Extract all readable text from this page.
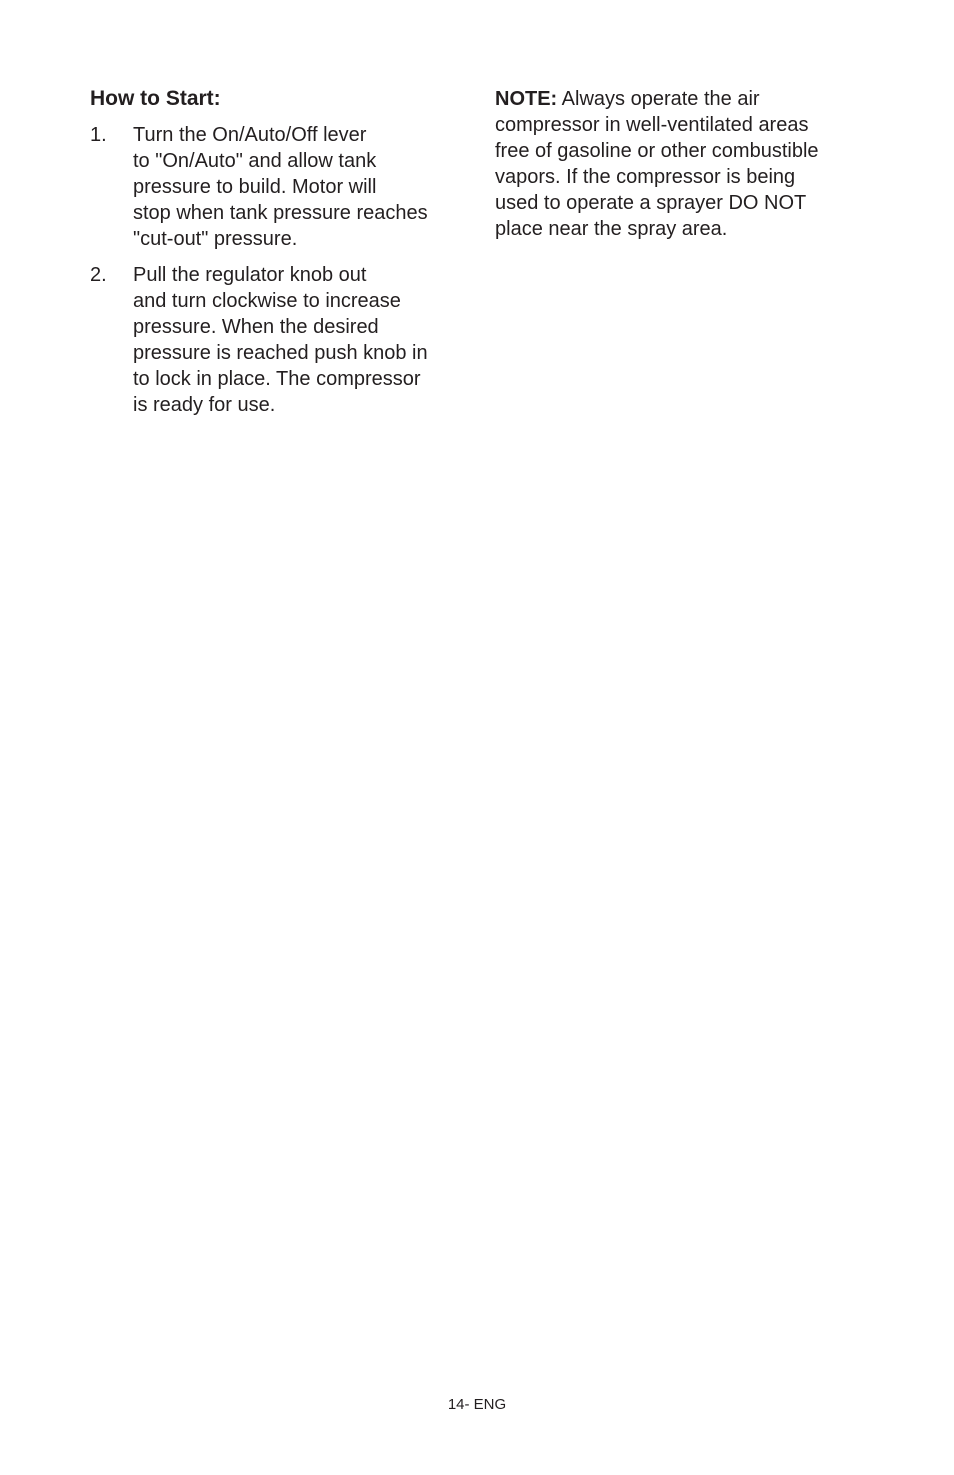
How to Start:
1. Turn the On/Auto/Off lever
to "On/Auto" and allow tank
pressure to build. Motor will
stop when tank pressure reaches
"cut-out" pressure.
2. Pull the regulator knob out
and turn clockwise to increase
pressure. When the desired
pressure is reached push knob in
to lock in place. The compressor
is ready for use.

NOTE: Always operate the air
compressor in well-ventilated areas
free of gasoline or other combustible
vapors. If the compressor is being
used to operate a sprayer DO NOT
place near the spray area.

14- ENG
